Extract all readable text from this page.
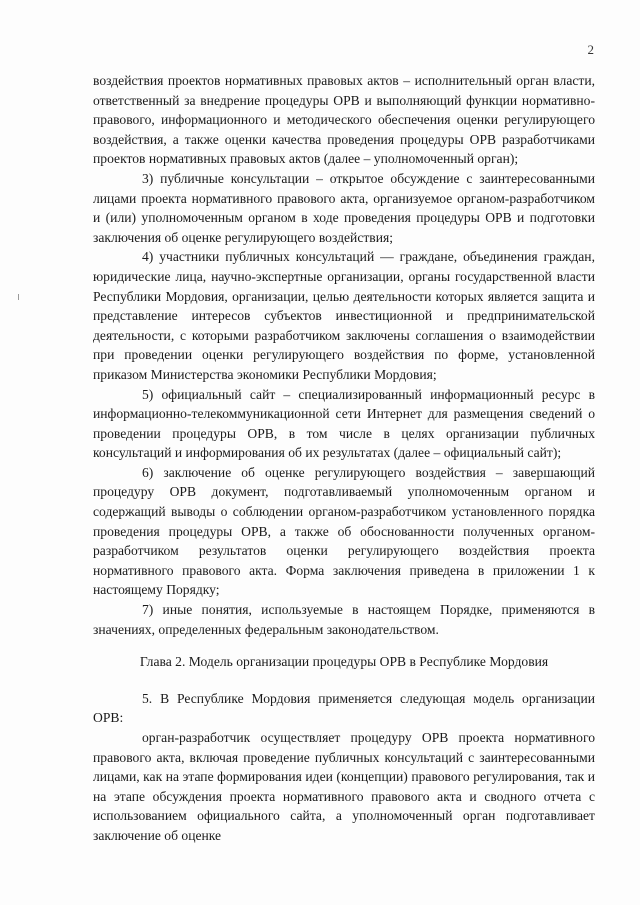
2

воздействия проектов нормативных правовых актов – исполнительный орган власти, ответственный за внедрение процедуры ОРВ и выполняющий функции нормативно-правового, информационного и методического обеспечения оценки регулирующего воздействия, а также оценки качества проведения процедуры ОРВ разработчиками проектов нормативных правовых актов (далее – уполномоченный орган);

3) публичные консультации – открытое обсуждение с заинтересованными лицами проекта нормативного правового акта, организуемое органом-разработчиком и (или) уполномоченным органом в ходе проведения процедуры ОРВ и подготовки заключения об оценке регулирующего воздействия;

4) участники публичных консультаций — граждане, объединения граждан, юридические лица, научно-экспертные организации, органы государственной власти Республики Мордовия, организации, целью деятельности которых является защита и представление интересов субъектов инвестиционной и предпринимательской деятельности, с которыми разработчиком заключены соглашения о взаимодействии при проведении оценки регулирующего воздействия по форме, установленной приказом Министерства экономики Республики Мордовия;

5) официальный сайт – специализированный информационный ресурс в информационно-телекоммуникационной сети Интернет для размещения сведений о проведении процедуры ОРВ, в том числе в целях организации публичных консультаций и информирования об их результатах (далее – официальный сайт);

6) заключение об оценке регулирующего воздействия – завершающий процедуру ОРВ документ, подготавливаемый уполномоченным органом и содержащий выводы о соблюдении органом-разработчиком установленного порядка проведения процедуры ОРВ, а также об обоснованности полученных органом-разработчиком результатов оценки регулирующего воздействия проекта нормативного правового акта. Форма заключения приведена в приложении 1 к настоящему Порядку;

7) иные понятия, используемые в настоящем Порядке, применяются в значениях, определенных федеральным законодательством.

Глава 2. Модель организации процедуры ОРВ в Республике Мордовия

5. В Республике Мордовия применяется следующая модель организации ОРВ:

орган-разработчик осуществляет процедуру ОРВ проекта нормативного правового акта, включая проведение публичных консультаций с заинтересованными лицами, как на этапе формирования идеи (концепции) правового регулирования, так и на этапе обсуждения проекта нормативного правового акта и сводного отчета с использованием официального сайта, а уполномоченный орган подготавливает заключение об оценке
